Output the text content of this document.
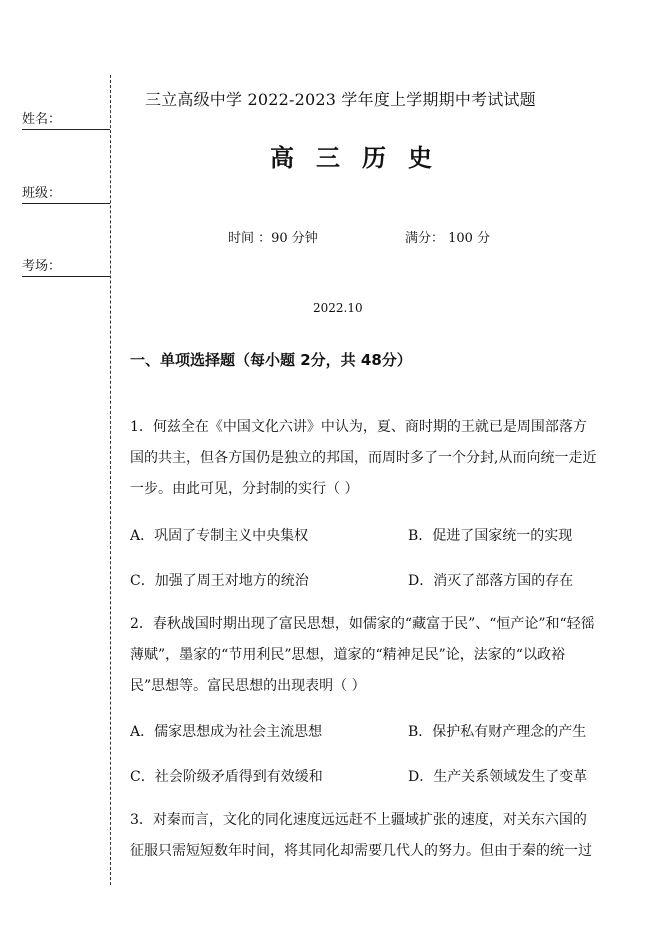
姓名：
班级：
考场：
三立高级中学 2022-2023 学年度上学期期中考试试题
高三历史
时间 ：90 分钟	满分： 100 分
2022.10
一、单项选择题（每小题 2分，共 48分）
1．何兹全在《中国文化六讲》中认为，夏、商时期的王就已是周围部落方国的共主，但各方国仍是独立的邦国，而周时多了一个分封,从而向统一走近一步。由此可见，分封制的实行（ ）
A．巩固了专制主义中央集权	B．促进了国家统一的实现
C．加强了周王对地方的统治	D．消灭了部落方国的存在
2．春秋战国时期出现了富民思想，如儒家的“藏富于民”、“恒产论”和“轻徭薄赋”，墨家的“节用利民”思想，道家的“精神足民”论，法家的“以政裕民”思想等。富民思想的出现表明（ ）
A．儒家思想成为社会主流思想	B．保护私有财产理念的产生
C．社会阶级矛盾得到有效缓和	D．生产关系领域发生了变革
3．对秦而言，文化的同化速度远远赶不上疆域扩张的速度，对关东六国的征服只需短短数年时间，将其同化却需要几代人的努力。但由于秦的统一过
